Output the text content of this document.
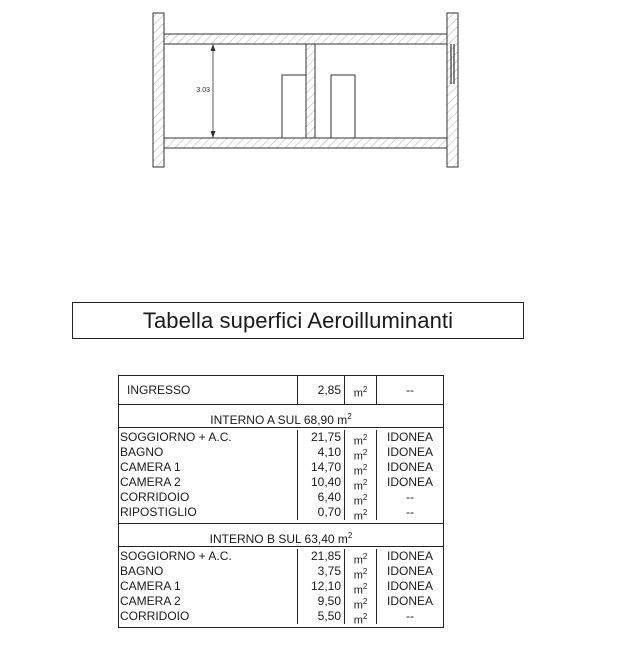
3.03
Tabella superfici Aeroilluminanti
INGRESSO	2,85	$m^2$	--
INTERNO A SUL 68,90 $m^2$
SOGGIORNO + A.C.	21,75	$m^2$	IDONEA
BAGNO	4,10	$m^2$	IDONEA
CAMERA 1	14,70	$m^2$	IDONEA
CAMERA 2	10,40	$m^2$	IDONEA
CORRIDOIO	6,40	$m^2$	--
RIPOSTIGLIO	0,70	$m^2$	--
INTERNO B SUL 63,40 $m^2$
SOGGIORNO + A.C.	21,85	$m^2$	IDONEA
BAGNO	3,75	$m^2$	IDONEA
CAMERA 1	12,10	$m^2$	IDONEA
CAMERA 2	9,50	$m^2$	IDONEA
CORRIDOIO	5,50	$m^2$	--
